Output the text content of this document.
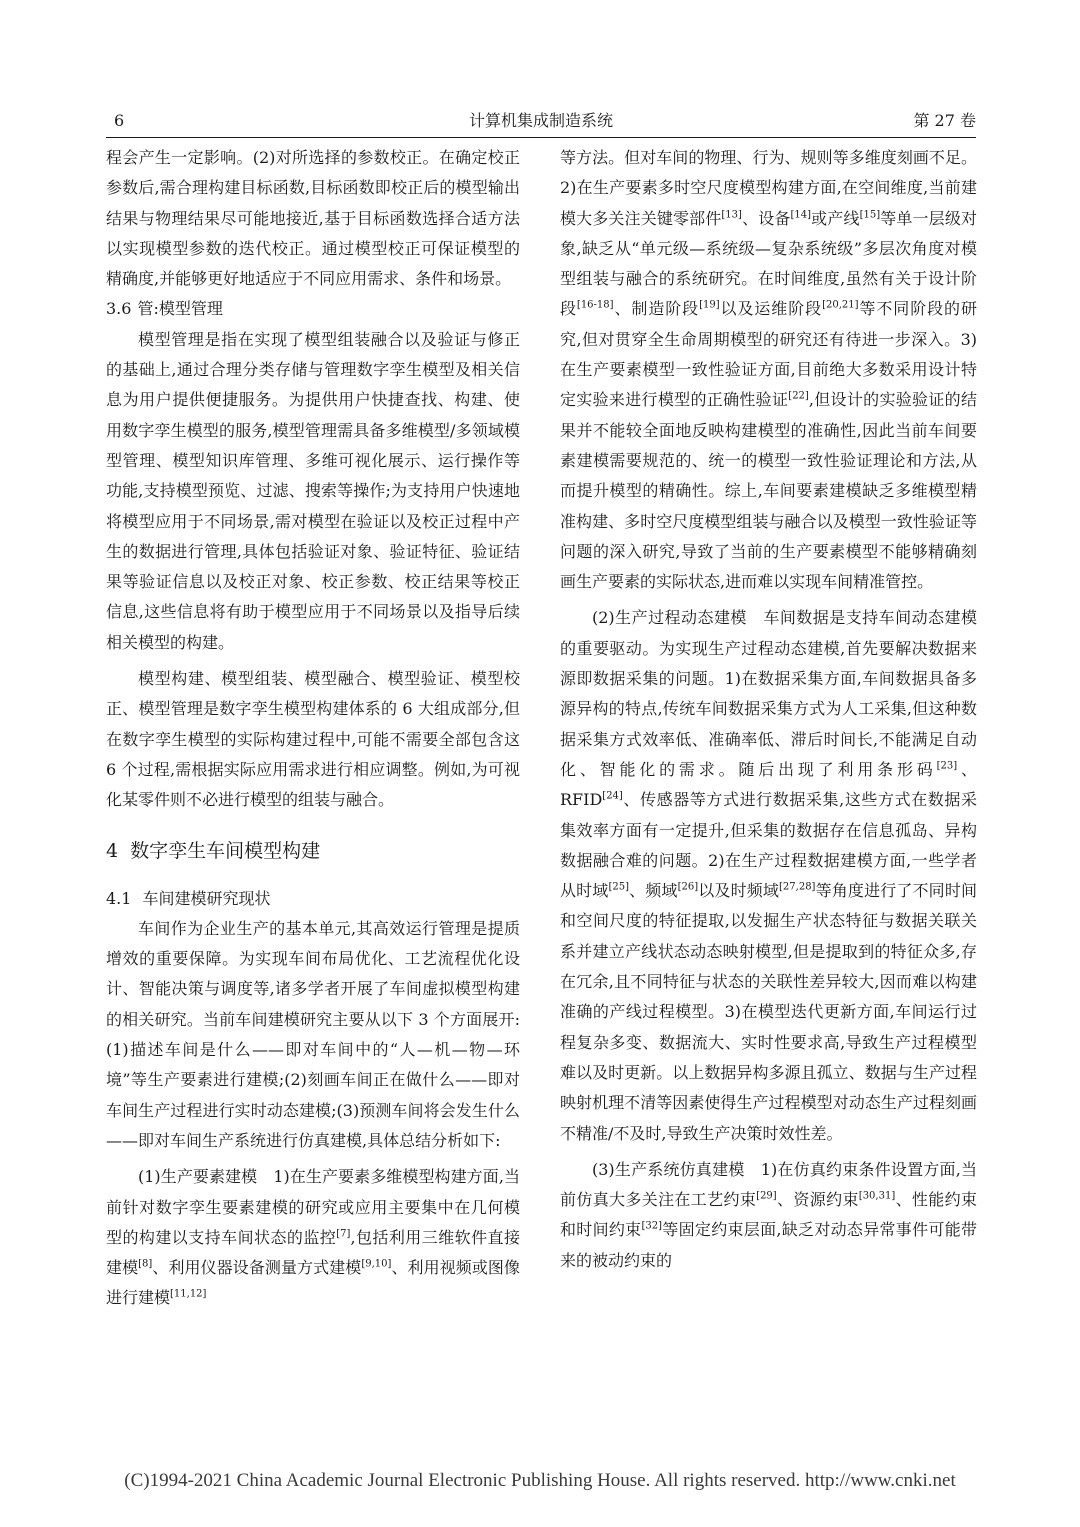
6	计算机集成制造系统	第 27 卷

程会产生一定影响。(2)对所选择的参数校正。在确定校正参数后,需合理构建目标函数,目标函数即校正后的模型输出结果与物理结果尽可能地接近,基于目标函数选择合适方法以实现模型参数的迭代校正。通过模型校正可保证模型的精确度,并能够更好地适应于不同应用需求、条件和场景。

3.6 管:模型管理

模型管理是指在实现了模型组装融合以及验证与修正的基础上,通过合理分类存储与管理数字孪生模型及相关信息为用户提供便捷服务。为提供用户快捷查找、构建、使用数字孪生模型的服务,模型管理需具备多维模型/多领域模型管理、模型知识库管理、多维可视化展示、运行操作等功能,支持模型预览、过滤、搜索等操作;为支持用户快速地将模型应用于不同场景,需对模型在验证以及校正过程中产生的数据进行管理,具体包括验证对象、验证特征、验证结果等验证信息以及校正对象、校正参数、校正结果等校正信息,这些信息将有助于模型应用于不同场景以及指导后续相关模型的构建。

模型构建、模型组装、模型融合、模型验证、模型校正、模型管理是数字孪生模型构建体系的 6 大组成部分,但在数字孪生模型的实际构建过程中,可能不需要全部包含这 6 个过程,需根据实际应用需求进行相应调整。例如,为可视化某零件则不必进行模型的组装与融合。

4 数字孪生车间模型构建
4.1 车间建模研究现状

车间作为企业生产的基本单元,其高效运行管理是提质增效的重要保障。为实现车间布局优化、工艺流程优化设计、智能决策与调度等,诸多学者开展了车间虚拟模型构建的相关研究。当前车间建模研究主要从以下 3 个方面展开:(1)描述车间是什么——即对车间中的“人—机—物—环境”等生产要素进行建模;(2)刻画车间正在做什么——即对车间生产过程进行实时动态建模;(3)预测车间将会发生什么——即对车间生产系统进行仿真建模,具体总结分析如下:

(1)生产要素建模　 1)在生产要素多维模型构建方面,当前针对数字孪生要素建模的研究或应用主要集中在几何模型的构建以支持车间状态的监控[7],包括利用三维软件直接建模[8]、利用仪器设备测量方式建模[9,10]、利用视频或图像进行建模[11,12]

等方法。但对车间的物理、行为、规则等多维度刻画不足。2)在生产要素多时空尺度模型构建方面,在空间维度,当前建模大多关注关键零部件[13]、设备[14]或产线[15]等单一层级对象,缺乏从“单元级—系统级—复杂系统级”多层次角度对模型组装与融合的系统研究。在时间维度,虽然有关于设计阶段[16-18]、制造阶段[19]以及运维阶段[20,21]等不同阶段的研究,但对贯穿全生命周期模型的研究还有待进一步深入。3)在生产要素模型一致性验证方面,目前绝大多数采用设计特定实验来进行模型的正确性验证[22],但设计的实验验证的结果并不能较全面地反映构建模型的准确性,因此当前车间要素建模需要规范的、统一的模型一致性验证理论和方法,从而提升模型的精确性。综上,车间要素建模缺乏多维模型精准构建、多时空尺度模型组装与融合以及模型一致性验证等问题的深入研究,导致了当前的生产要素模型不能够精确刻画生产要素的实际状态,进而难以实现车间精准管控。

(2)生产过程动态建模　 车间数据是支持车间动态建模的重要驱动。为实现生产过程动态建模,首先要解决数据来源即数据采集的问题。1)在数据采集方面,车间数据具备多源异构的特点,传统车间数据采集方式为人工采集,但这种数据采集方式效率低、准确率低、滞后时间长,不能满足自动化、智能化的需求。随后出现了利用条形码[23]、RFID[24]、传感器等方式进行数据采集,这些方式在数据采集效率方面有一定提升,但采集的数据存在信息孤岛、异构数据融合难的问题。2)在生产过程数据建模方面,一些学者从时域[25]、频域[26]以及时频域[27,28]等角度进行了不同时间和空间尺度的特征提取,以发掘生产状态特征与数据关联关系并建立产线状态动态映射模型,但是提取到的特征众多,存在冗余,且不同特征与状态的关联性差异较大,因而难以构建准确的产线过程模型。3)在模型迭代更新方面,车间运行过程复杂多变、数据流大、实时性要求高,导致生产过程模型难以及时更新。以上数据异构多源且孤立、数据与生产过程映射机理不清等因素使得生产过程模型对动态生产过程刻画不精准/不及时,导致生产决策时效性差。

(3)生产系统仿真建模　 1)在仿真约束条件设置方面,当前仿真大多关注在工艺约束[29]、资源约束[30,31]、性能约束和时间约束[32]等固定约束层面,缺乏对动态异常事件可能带来的被动约束的

(C)1994-2021 China Academic Journal Electronic Publishing House. All rights reserved. http://www.cnki.net
